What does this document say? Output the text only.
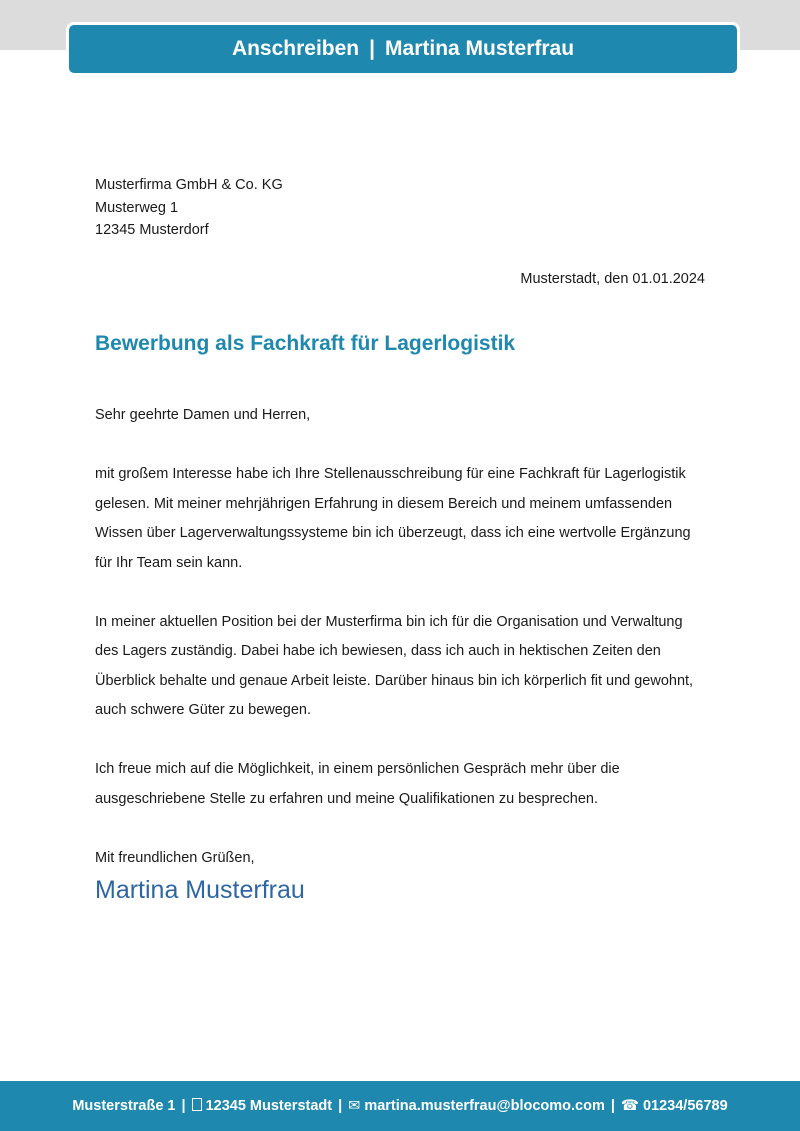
Anschreiben | Martina Musterfrau
Musterfirma GmbH & Co. KG
Musterweg 1
12345 Musterdorf
Musterstadt, den 01.01.2024
Bewerbung als Fachkraft für Lagerlogistik

Sehr geehrte Damen und Herren,

mit großem Interesse habe ich Ihre Stellenausschreibung für eine Fachkraft für Lagerlogistik gelesen. Mit meiner mehrjährigen Erfahrung in diesem Bereich und meinem umfassenden Wissen über Lagerverwaltungssysteme bin ich überzeugt, dass ich eine wertvolle Ergänzung für Ihr Team sein kann.

In meiner aktuellen Position bei der Musterfirma bin ich für die Organisation und Verwaltung des Lagers zuständig. Dabei habe ich bewiesen, dass ich auch in hektischen Zeiten den Überblick behalte und genaue Arbeit leiste. Darüber hinaus bin ich körperlich fit und gewohnt, auch schwere Güter zu bewegen.

Ich freue mich auf die Möglichkeit, in einem persönlichen Gespräch mehr über die ausgeschriebene Stelle zu erfahren und meine Qualifikationen zu besprechen.

Mit freundlichen Grüßen,

Martina Musterfrau
Musterstraße 1 | 12345 Musterstadt | ✉ martina.musterfrau@blocomo.com | ☎ 01234/56789
